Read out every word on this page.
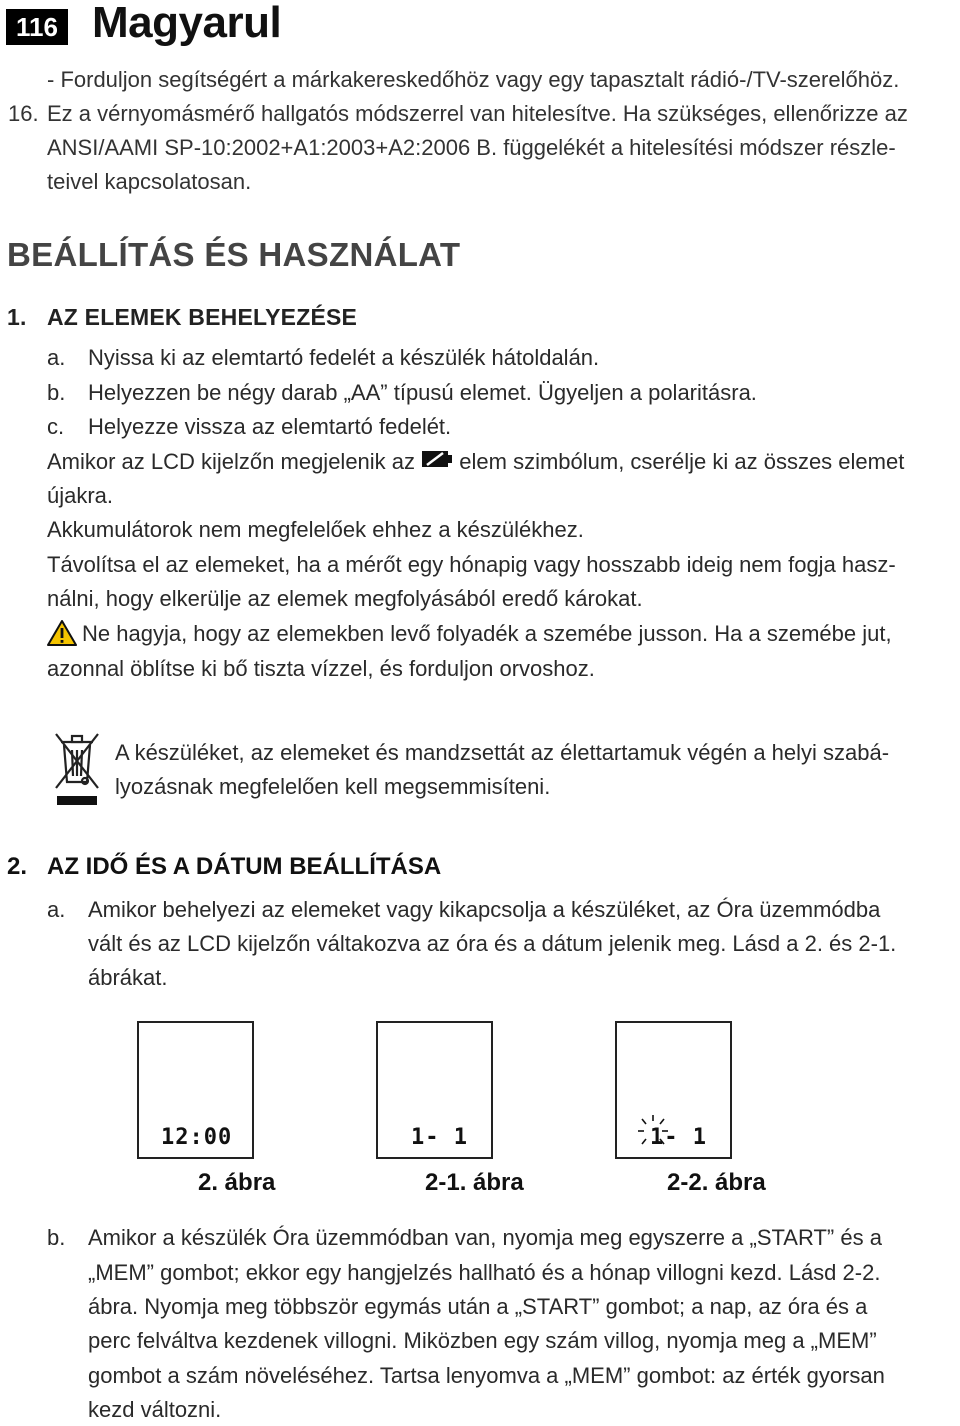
116 Magyarul
- Forduljon segítségért a márkakereskedőhöz vagy egy tapasztalt rádió-/TV-szerelőhöz.
16. Ez a vérnyomásmérő hallgatós módszerrel van hitelesítve. Ha szükséges, ellenőrizze az
ANSI/AAMI SP-10:2002+A1:2003+A2:2006 B. függelékét a hitelesítési módszer részle-
teivel kapcsolatosan.
BEÁLLÍTÁS ÉS HASZNÁLAT
1. AZ ELEMEK BEHELYEZÉSE
a. Nyissa ki az elemtartó fedelét a készülék hátoldalán.
b. Helyezzen be négy darab „AA” típusú elemet. Ügyeljen a polaritásra.
c. Helyezze vissza az elemtartó fedelét.
Amikor az LCD kijelzőn megjelenik az elem szimbólum, cserélje ki az összes elemet
újakra.
Akkumulátorok nem megfelelőek ehhez a készülékhez.
Távolítsa el az elemeket, ha a mérőt egy hónapig vagy hosszabb ideig nem fogja hasz-
nálni, hogy elkerülje az elemek megfolyásából eredő károkat.
Ne hagyja, hogy az elemekben levő folyadék a szemébe jusson. Ha a szemébe jut,
azonnal öblítse ki bő tiszta vízzel, és forduljon orvoshoz.
A készüléket, az elemeket és mandzsettát az élettartamuk végén a helyi szabá-
lyozásnak megfelelően kell megsemmisíteni.
2. AZ IDŐ ÉS A DÁTUM BEÁLLÍTÁSA
a. Amikor behelyezi az elemeket vagy kikapcsolja a készüléket, az Óra üzemmódba
vált és az LCD kijelzőn váltakozva az óra és a dátum jelenik meg. Lásd a 2. és 2-1.
ábrákat.
12:00	1- 1	1- 1
2. ábra	2-1. ábra	2-2. ábra
b. Amikor a készülék Óra üzemmódban van, nyomja meg egyszerre a „START” és a
„MEM” gombot; ekkor egy hangjelzés hallható és a hónap villogni kezd. Lásd 2-2.
ábra. Nyomja meg többször egymás után a „START” gombot; a nap, az óra és a
perc felváltva kezdenek villogni. Miközben egy szám villog, nyomja meg a „MEM”
gombot a szám növeléséhez. Tartsa lenyomva a „MEM” gombot: az érték gyorsan
kezd változni.
